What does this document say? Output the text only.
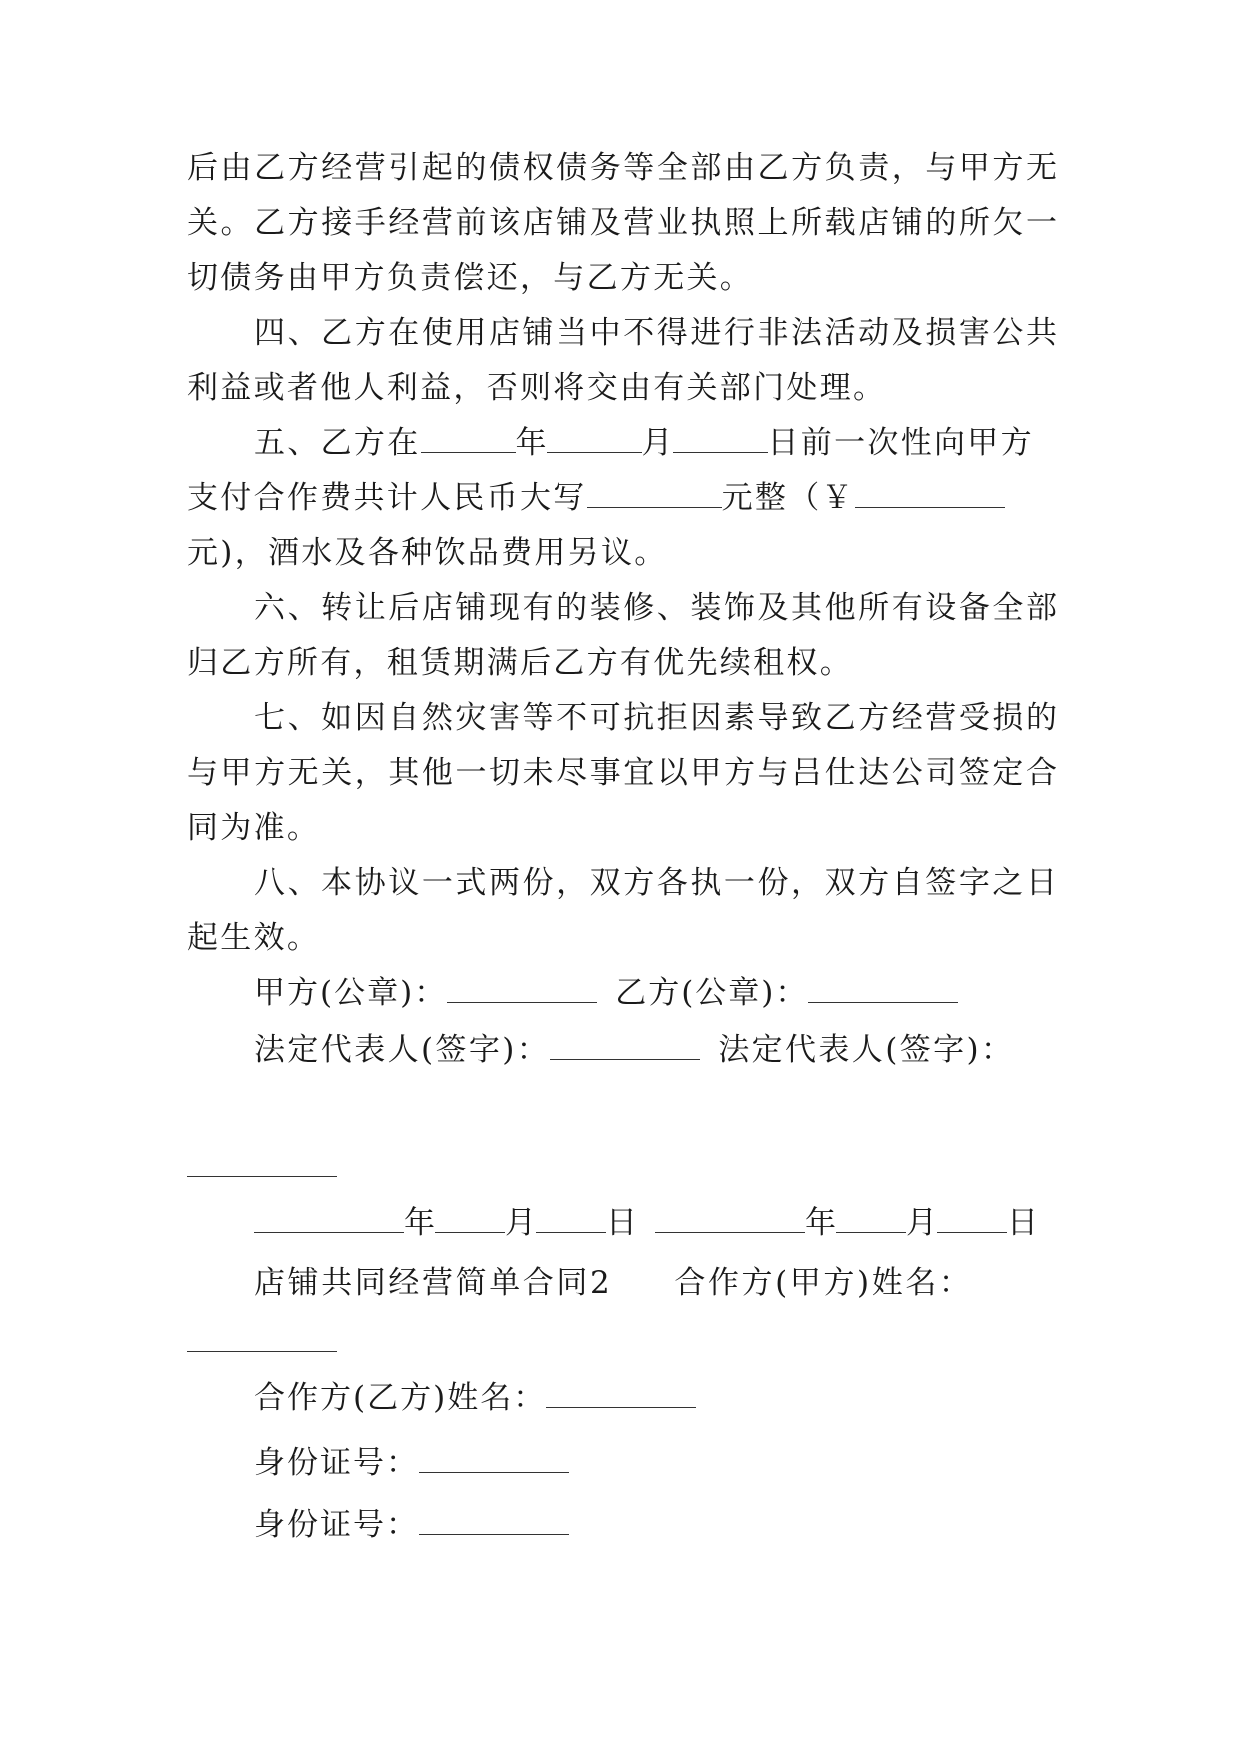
后由乙方经营引起的债权债务等全部由乙方负责，与甲方无
关。乙方接手经营前该店铺及营业执照上所载店铺的所欠一
切债务由甲方负责偿还，与乙方无关。
四、乙方在使用店铺当中不得进行非法活动及损害公共
利益或者他人利益，否则将交由有关部门处理。
五、乙方在	年	月	日前一次性向甲方
支付合作费共计人民币大写	元整（￥
元)，酒水及各种饮品费用另议。
六、转让后店铺现有的装修、装饰及其他所有设备全部
归乙方所有，租赁期满后乙方有优先续租权。
七、如因自然灾害等不可抗拒因素导致乙方经营受损的
与甲方无关，其他一切未尽事宜以甲方与吕仕达公司签定合
同为准。
八、本协议一式两份，双方各执一份，双方自签字之日
起生效。
甲方(公章)：	乙方(公章)：
法定代表人(签字)：	法定代表人(签字)：
年 月 日	年 月 日
店铺共同经营简单合同2 合作方(甲方)姓名：
合作方(乙方)姓名：
身份证号：
身份证号：
